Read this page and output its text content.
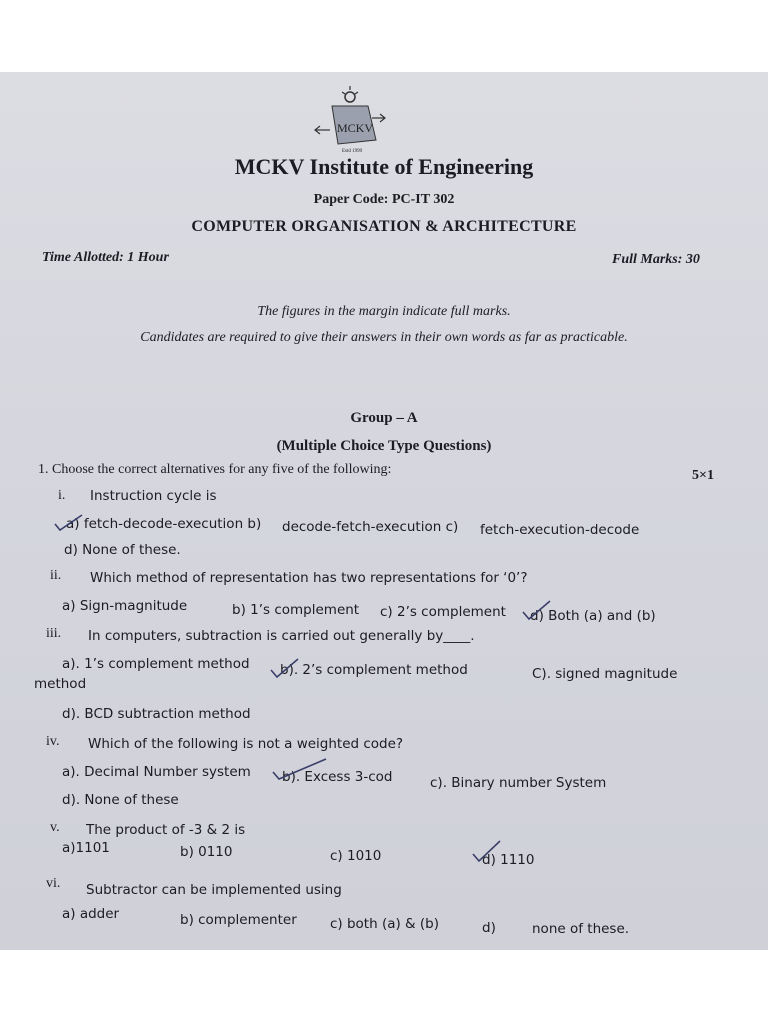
MCKV
Estd 1999
MCKV Institute of Engineering
Paper Code: PC-IT 302
COMPUTER ORGANISATION & ARCHITECTURE
Time Allotted: 1 Hour	Full Marks: 30
The figures in the margin indicate full marks.
Candidates are required to give their answers in their own words as far as practicable.
Group – A
(Multiple Choice Type Questions)
1. Choose the correct alternatives for any five of the following:	5×1
i. Instruction cycle is
a) fetch-decode-execution b) decode-fetch-execution c) fetch-execution-decode
d) None of these.
ii. Which method of representation has two representations for ‘0’?
a) Sign-magnitude	b) 1’s complement c) 2’s complement d) Both (a) and (b)
iii. In computers, subtraction is carried out generally by____.
a). 1’s complement method b). 2’s complement method	C). signed magnitude
method
d). BCD subtraction method
iv. Which of the following is not a weighted code?
a). Decimal Number system b). Excess 3-cod	c). Binary number System
d). None of these
v. The product of -3 & 2 is
a)1101	b) 0110	c) 1010	d) 1110
vi. Subtractor can be implemented using
a) adder	b) complementer c) both (a) & (b)	d)	none of these.
